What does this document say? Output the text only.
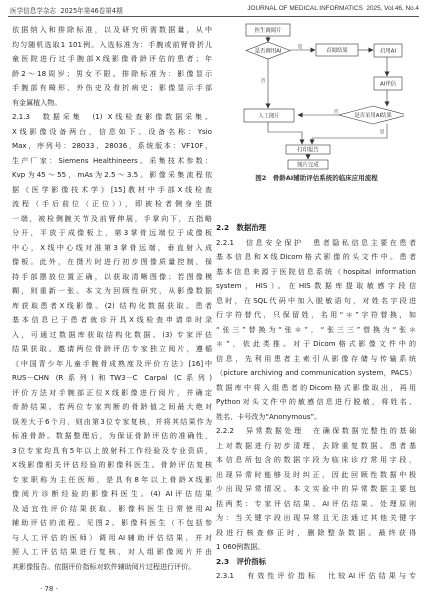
医学信息学杂志 2025年第46卷第4期	JOURNAL OF MEDICAL INFORMATICS 2025, Vol.46, No.4

依据纳入和排除标准，以及研究所需数据量，从中

均匀随机选取1 101例。入选标准为：手腕或前臂骨折儿

童医院进行过手腕部X线影像骨龄评估的患者；年

龄2～18周岁；男女不限。排除标准为：影像显示

手腕部有畸形、外伤史及骨折病史；影像显示手部

有金属植入物。

2.1.3　数据采集　(1) X线检查影像数据采集。

X线影像设备两台，信息如下。设备名称：Ysio

Max，序列号：28033、28036，系统版本：VF10F，

生产厂家：Siemens Healthineers。采集技术参数：

Kvp为45～55，mAs为2.5～3.5。影像采集流程依

据《医学影像技术学》[15]教材中手部X线检查

流程（手后前位（正位）），即被检者侧身坐摄

一端，被检侧腕关节及前臂伸展，手掌向下，五指略

分开，平放于成像板上，第3掌骨远端位于成像板

中心，X线中心线对准第3掌骨远端，垂直射入成

像板。此外，在摄片时进行初步图像质量控制，保

持手部摆放位置正确，以获取清晰图像；若图像模

糊，则重新一张。本文为回顾性研究，从影像数据

库获取患者X线影像。(2) 结构化数据获取。患者

基本信息已于患者就诊开具X线检查申请单时录

入，可通过数据库获取结构化数据。(3) 专家评估

结果获取。邀请两位骨龄评估专家独立阅片，遵循

《中国青少年儿童手腕骨成熟度及评价方法》[16]中

RUS－CHN (R系列)和TW3－C Carpal (C系列)

评价方法对手腕部正位X线影像进行阅片，并确定

骨龄结果。若两位专家判断的骨龄值之间最大绝对

误差大于6个月，则由第3位专家复核，并将其结果作为

标准骨龄。数据整理后，为保证骨龄评估的准确性，

3位专家均具有5年以上放射科工作经验及专业资质，

X线影像相关评估经验的影像科医生。骨龄评估复核

专家职称为主任医师，是具有8年以上骨龄X线影

像阅片诊断经验的影像科医生。(4) AI评估结果

及适宜性评价结果获取。影像科医生日常使用AI

辅助评估的流程。见图2。影像科医生（不包括参

与人工评估的医师）调用AI辅助评估结果，并对

照人工评估结果进行复核，对人组影像阅片并由

其影像报告。依据评价指标对软件辅助阅片过程进行评价。

医生调阅片
是否调用AI	首阅结果	启用AI
AI评估
是否采用AI结果
人工阅片
打印报告
阅片完成
是
否
否
是
图2　骨龄AI辅助评估系统的临床应用流程

2.2　数据治理

2.2.1　信息安全保护　患者隐私信息主要在患者

基本信息和X线Dicom格式影像的头文件中。患者

基本信息来源于医院信息系统（hospital information

system，HIS）。在HIS数据库提取敏感字段信

息时，在SQL代码中加入脱敏语句，对姓名字段进

行字符替代，只保留姓，名用“＊”字符替换，如

“张三”替换为“张＊”，“张三三”替换为“张＊

＊”，依此类推。对于Dicom格式影像文件中的

信息，先利用患者主索引从影像存储与传输系统

（picture archiving and communication system，PACS）

数据库中将入组患者的Dicom格式影像取出，再用

Python对头文件中的敏感信息进行脱敏，将姓名、

姓名、卡号改为“Anonymous”。

2.2.2　异常数据处理　在确保数据完整性的基础

上对数据进行初步清理，去除重复数据。患者基

本信息所包含的数据字段为临床诊疗常用字段，

出现异常时能够及时纠正，因此回顾性数据中极

少出现异常情况。本文实验中的异常数据主要包

括两类：专家评估结果、AI评估结果。处理原则

为：当关键字段出现异常且无法通过其他关键字

段进行核查修正时，删除整条数据。最终获得

1 060例数据。

2.3　评价指标

2.3.1　有效性评价指标　比较AI评估结果与专

· 78 ·
